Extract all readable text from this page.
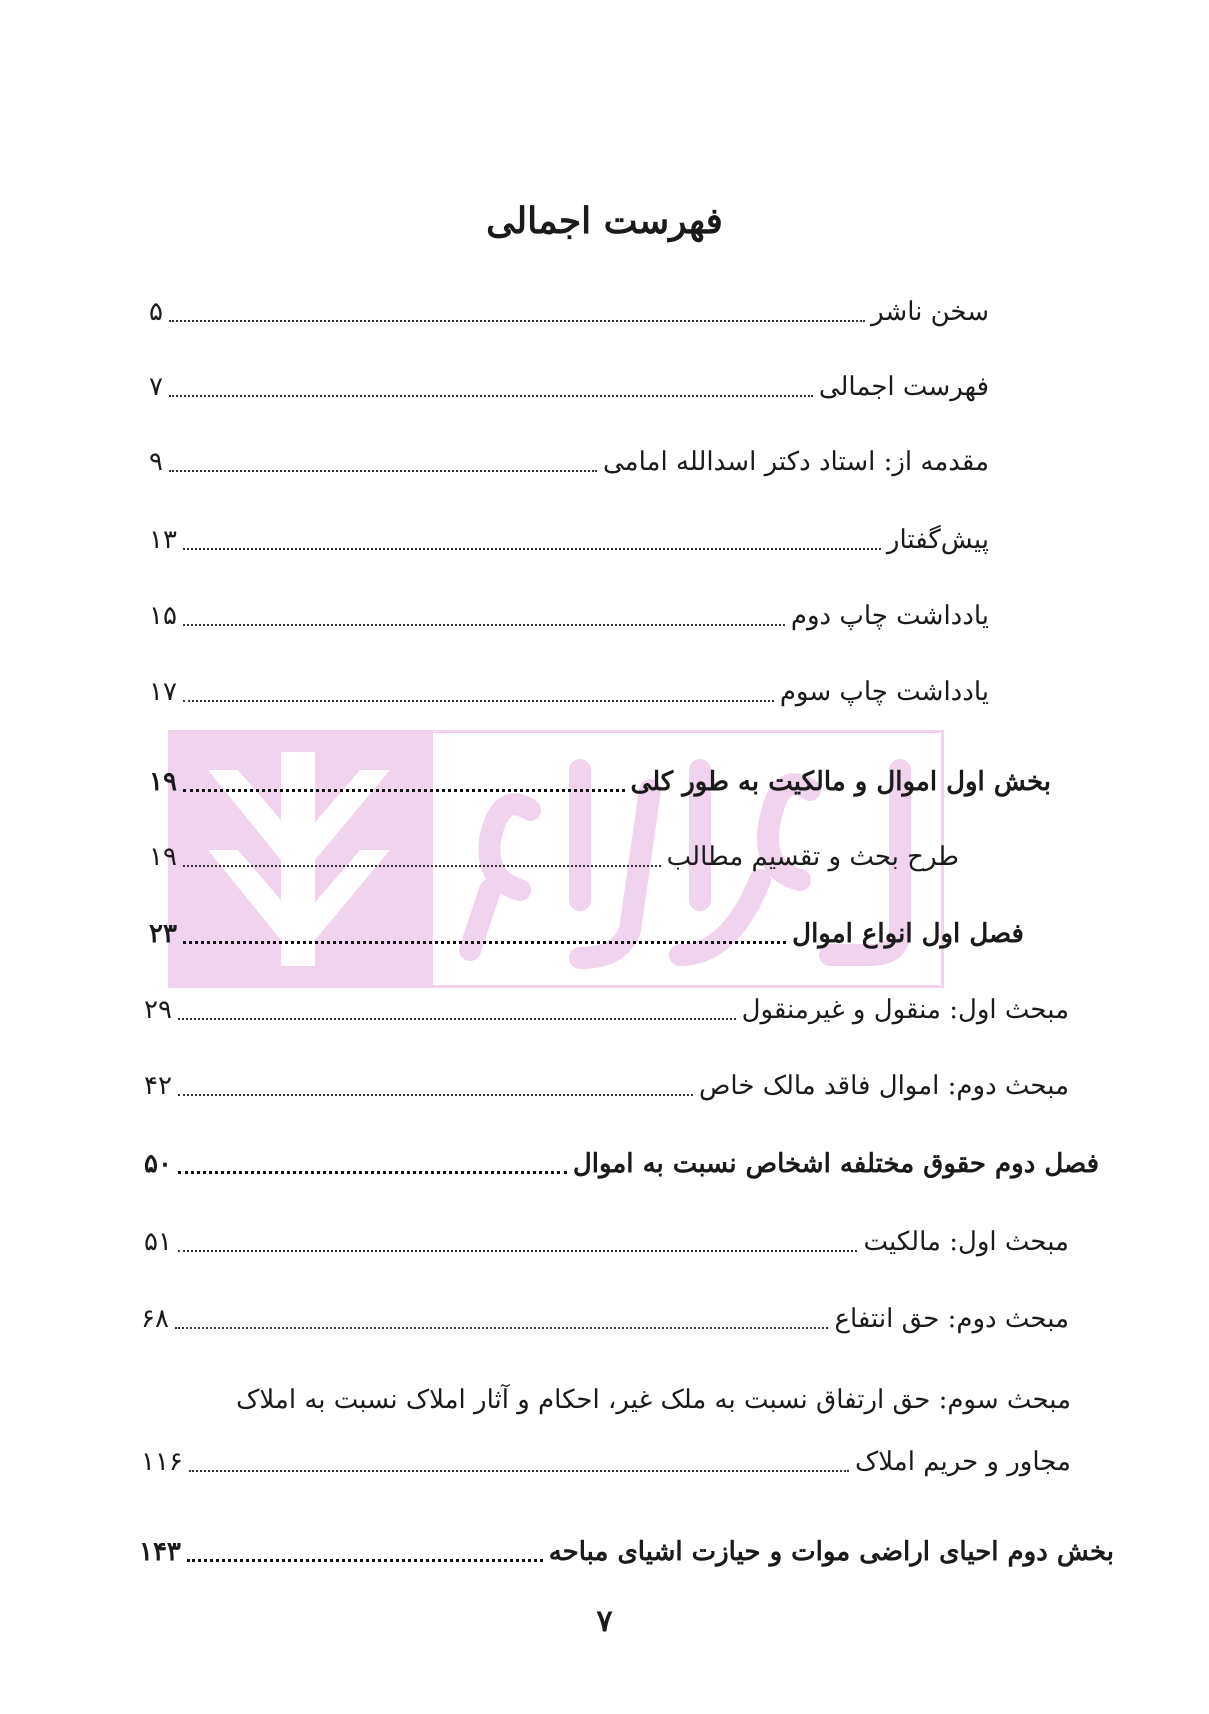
فهرست اجمالی
سخن ناشر
۵
فهرست اجمالی
۷
مقدمه از: استاد دکتر اسدالله امامی
۹
پیش‌گفتار
۱۳
یادداشت چاپ دوم
۱۵
یادداشت چاپ سوم
۱۷
بخش اول اموال و مالکیت به طور کلی
۱۹
طرح بحث و تقسیم مطالب
۱۹
فصل اول انواع اموال
۲۳
مبحث اول: منقول و غیرمنقول
۲۹
مبحث دوم: اموال فاقد مالک خاص
۴۲
فصل دوم حقوق مختلفه اشخاص نسبت به اموال
۵۰
مبحث اول: مالکیت
۵۱
مبحث دوم: حق انتفاع
۶۸
مبحث سوم: حق ارتفاق نسبت به ملک غیر، احکام و آثار املاک نسبت به املاک
مجاور و حریم املاک
۱۱۶
بخش دوم احیای اراضی موات و حیازت اشیای مباحه
۱۴۳
۷
